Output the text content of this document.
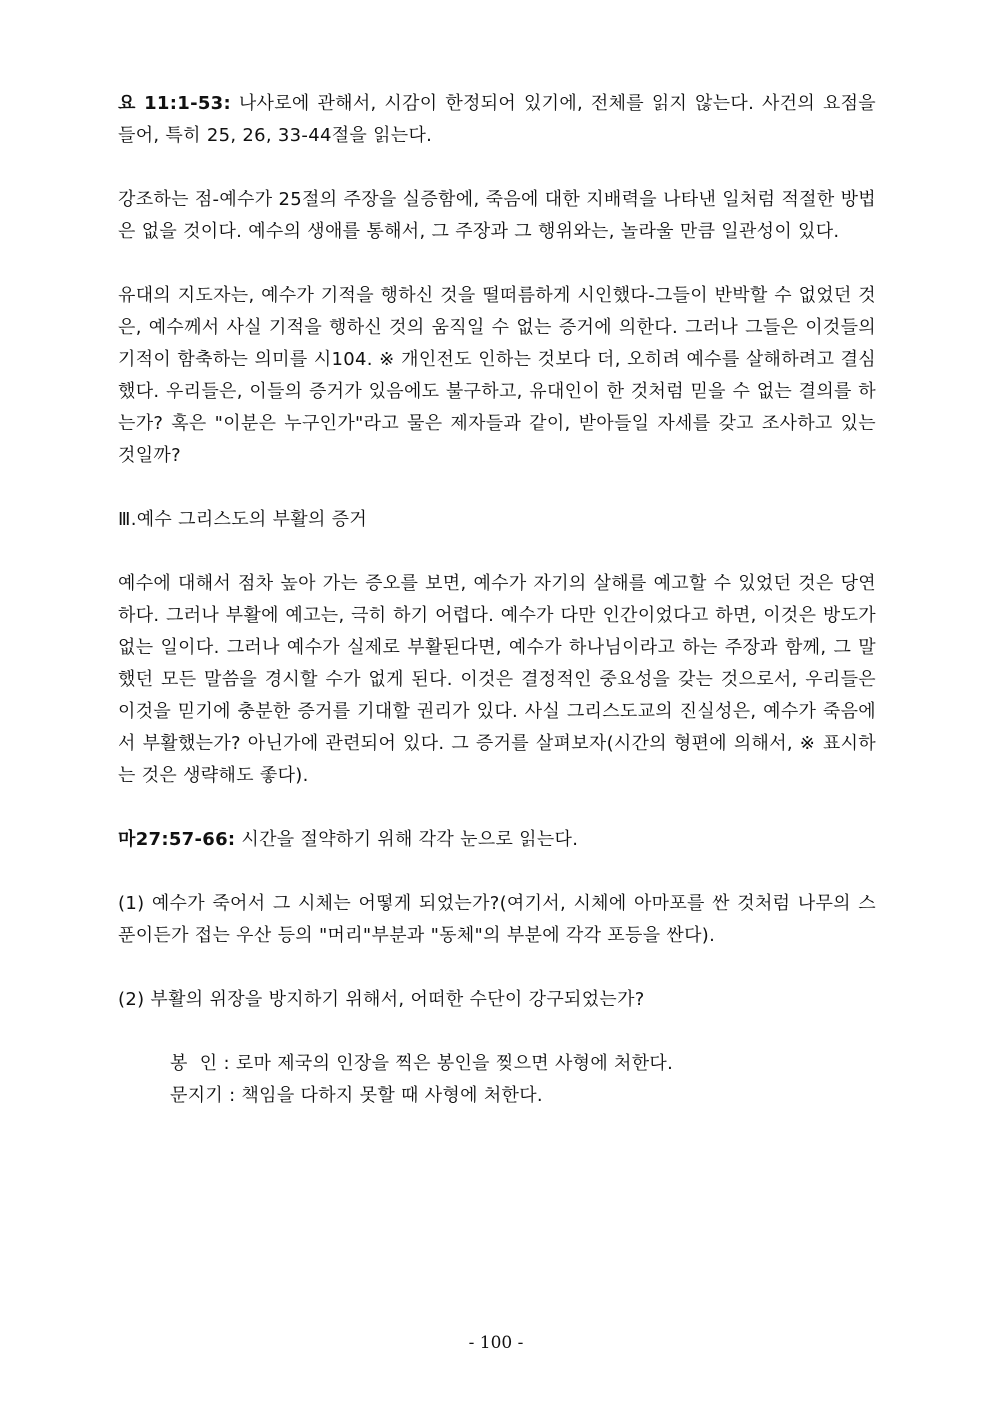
요 11:1-53: 나사로에 관해서, 시감이 한정되어 있기에, 전체를 읽지 않는다. 사건의 요점을 들어, 특히 25, 26, 33-44절을 읽는다.

강조하는 점-예수가 25절의 주장을 실증함에, 죽음에 대한 지배력을 나타낸 일처럼 적절한 방법은 없을 것이다. 예수의 생애를 통해서, 그 주장과 그 행위와는, 놀라울 만큼 일관성이 있다.

유대의 지도자는, 예수가 기적을 행하신 것을 떨떠름하게 시인했다-그들이 반박할 수 없었던 것은, 예수께서 사실 기적을 행하신 것의 움직일 수 없는 증거에 의한다. 그러나 그들은 이것들의 기적이 함축하는 의미를 시104. ※ 개인전도 인하는 것보다 더, 오히려 예수를 살해하려고 결심했다. 우리들은, 이들의 증거가 있음에도 불구하고, 유대인이 한 것처럼 믿을 수 없는 결의를 하는가? 혹은 "이분은 누구인가"라고 물은 제자들과 같이, 받아들일 자세를 갖고 조사하고 있는 것일까?

Ⅲ.예수 그리스도의 부활의 증거

예수에 대해서 점차 높아 가는 증오를 보면, 예수가 자기의 살해를 예고할 수 있었던 것은 당연하다. 그러나 부활에 예고는, 극히 하기 어렵다. 예수가 다만 인간이었다고 하면, 이것은 방도가 없는 일이다. 그러나 예수가 실제로 부활된다면, 예수가 하나님이라고 하는 주장과 함께, 그 말했던 모든 말씀을 경시할 수가 없게 된다. 이것은 결정적인 중요성을 갖는 것으로서, 우리들은 이것을 믿기에 충분한 증거를 기대할 권리가 있다. 사실 그리스도교의 진실성은, 예수가 죽음에서 부활했는가? 아닌가에 관련되어 있다. 그 증거를 살펴보자(시간의 형편에 의해서, ※ 표시하는 것은 생략해도 좋다).

마27:57-66: 시간을 절약하기 위해 각각 눈으로 읽는다.

(1) 예수가 죽어서 그 시체는 어떻게 되었는가?(여기서, 시체에 아마포를 싼 것처럼 나무의 스푼이든가 접는 우산 등의 "머리"부분과 "동체"의 부분에 각각 포등을 싼다).

(2) 부활의 위장을 방지하기 위해서, 어떠한 수단이 강구되었는가?

봉  인 : 로마 제국의 인장을 찍은 봉인을 찢으면 사형에 처한다.

문지기 : 책임을 다하지 못할 때 사형에 처한다.

- 100 -
